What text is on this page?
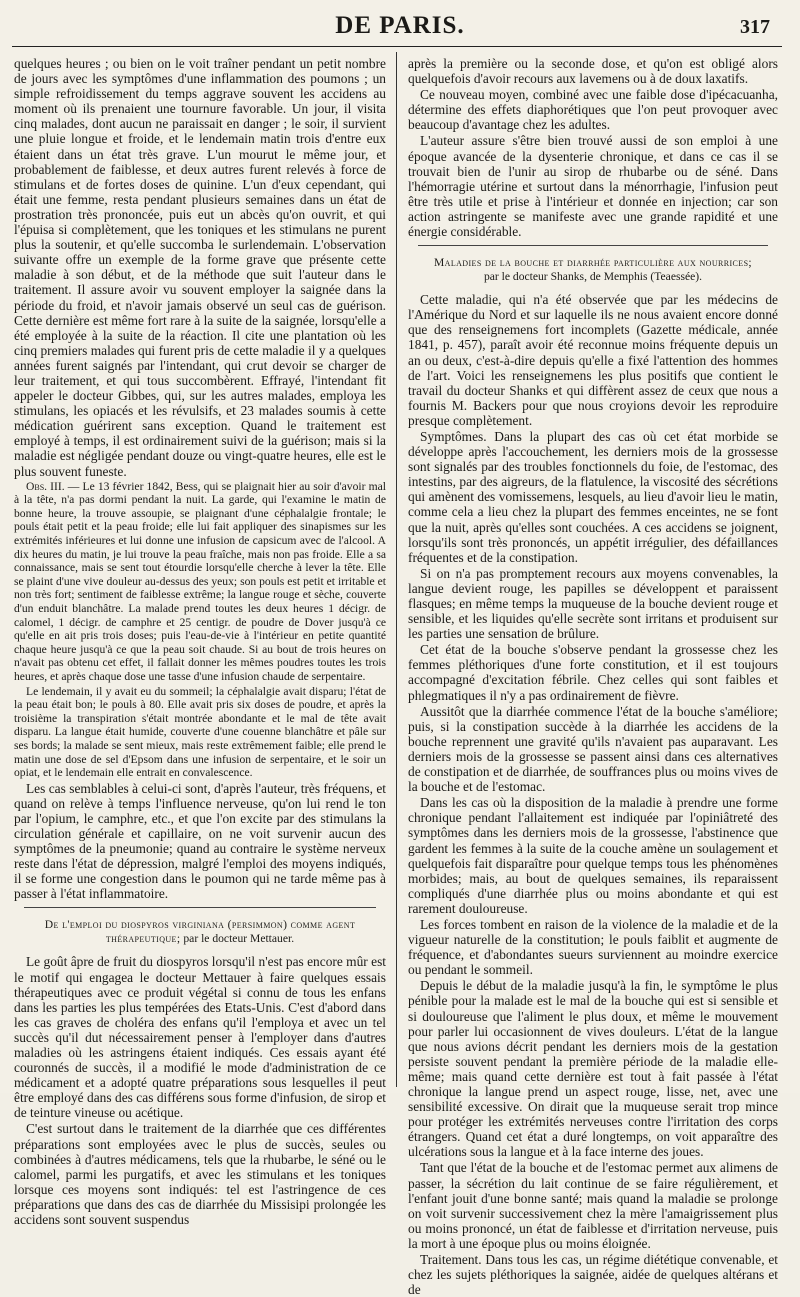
DE PARIS.	317

quelques heures ; ou bien on le voit traîner pendant un petit nombre de jours avec les symptômes d'une inflammation des poumons ; un simple refroidissement du temps aggrave souvent les accidens au moment où ils prenaient une tournure favorable. Un jour, il visita cinq malades, dont aucun ne paraissait en danger ; le soir, il survient une pluie longue et froide, et le lendemain matin trois d'entre eux étaient dans un état très grave. L'un mourut le même jour, et probablement de faiblesse, et deux autres furent relevés à force de stimulans et de fortes doses de quinine. L'un d'eux cependant, qui était une femme, resta pendant plusieurs semaines dans un état de prostration très prononcée, puis eut un abcès qu'on ouvrit, et qui l'épuisa si complètement, que les toniques et les stimulans ne purent plus la soutenir, et qu'elle succomba le surlendemain. L'observation suivante offre un exemple de la forme grave que présente cette maladie à son début, et de la méthode que suit l'auteur dans le traitement. Il assure avoir vu souvent employer la saignée dans la période du froid, et n'avoir jamais observé un seul cas de guérison. Cette dernière est même fort rare à la suite de la saignée, lorsqu'elle a été employée à la suite de la réaction. Il cite une plantation où les cinq premiers malades qui furent pris de cette maladie il y a quelques années furent saignés par l'intendant, qui crut devoir se charger de leur traitement, et qui tous succombèrent. Effrayé, l'intendant fit appeler le docteur Gibbes, qui, sur les autres malades, employa les stimulans, les opiacés et les révulsifs, et 23 malades soumis à cette médication guérirent sans exception. Quand le traitement est employé à temps, il est ordinairement suivi de la guérison; mais si la maladie est négligée pendant douze ou vingt-quatre heures, elle est le plus souvent funeste.

Obs. III. — Le 13 février 1842, Bess, qui se plaignait hier au soir d'avoir mal à la tête, n'a pas dormi pendant la nuit. La garde, qui l'examine le matin de bonne heure, la trouve assoupie, se plaignant d'une céphalalgie frontale; le pouls était petit et la peau froide; elle lui fait appliquer des sinapismes sur les extrémités inférieures et lui donne une infusion de capsicum avec de l'alcool. A dix heures du matin, je lui trouve la peau fraîche, mais non pas froide. Elle a sa connaissance, mais se sent tout étourdie lorsqu'elle cherche à lever la tête. Elle se plaint d'une vive douleur au-dessus des yeux; son pouls est petit et irritable et non très fort; sentiment de faiblesse extrême; la langue rouge et sèche, couverte d'un enduit blanchâtre. La malade prend toutes les deux heures 1 décigr. de calomel, 1 décigr. de camphre et 25 centigr. de poudre de Dover jusqu'à ce qu'elle en ait pris trois doses; puis l'eau-de-vie à l'intérieur en petite quantité chaque heure jusqu'à ce que la peau soit chaude. Si au bout de trois heures on n'avait pas obtenu cet effet, il fallait donner les mêmes poudres toutes les trois heures, et après chaque dose une tasse d'une infusion chaude de serpentaire.

Le lendemain, il y avait eu du sommeil; la céphalalgie avait disparu; l'état de la peau était bon; le pouls à 80. Elle avait pris six doses de poudre, et après la troisième la transpiration s'était montrée abondante et le mal de tête avait disparu. La langue était humide, couverte d'une couenne blanchâtre et pâle sur ses bords; la malade se sent mieux, mais reste extrêmement faible; elle prend le matin une dose de sel d'Epsom dans une infusion de serpentaire, et le soir un opiat, et le lendemain elle entrait en convalescence.

Les cas semblables à celui-ci sont, d'après l'auteur, très fréquens, et quand on relève à temps l'influence nerveuse, qu'on lui rend le ton par l'opium, le camphre, etc., et que l'on excite par des stimulans la circulation générale et capillaire, on ne voit survenir aucun des symptômes de la pneumonie; quand au contraire le système nerveux reste dans l'état de dépression, malgré l'emploi des moyens indiqués, il se forme une congestion dans le poumon qui ne tarde même pas à passer à l'état inflammatoire.

De l'emploi du diospyros virginiana (persimmon) comme agent
thérapeutique; par le docteur Mettauer.

Le goût âpre de fruit du diospyros lorsqu'il n'est pas encore mûr est le motif qui engagea le docteur Mettauer à faire quelques essais thérapeutiques avec ce produit végétal si connu de tous les enfans dans les parties les plus tempérées des Etats-Unis. C'est d'abord dans les cas graves de choléra des enfans qu'il l'employa et avec un tel succès qu'il dut nécessairement penser à l'employer dans d'autres maladies où les astringens étaient indiqués. Ces essais ayant été couronnés de succès, il a modifié le mode d'administration de ce médicament et a adopté quatre préparations sous lesquelles il peut être employé dans des cas différens sous forme d'infusion, de sirop et de teinture vineuse ou acétique.

C'est surtout dans le traitement de la diarrhée que ces différentes préparations sont employées avec le plus de succès, seules ou combinées à d'autres médicamens, tels que la rhubarbe, le séné ou le calomel, parmi les purgatifs, et avec les stimulans et les toniques lorsque ces moyens sont indiqués: tel est l'astringence de ces préparations que dans des cas de diarrhée du Missisipi prolongée les accidens sont souvent suspendus

après la première ou la seconde dose, et qu'on est obligé alors quelquefois d'avoir recours aux lavemens ou à de doux laxatifs.

Ce nouveau moyen, combiné avec une faible dose d'ipécacuanha, détermine des effets diaphorétiques que l'on peut provoquer avec beaucoup d'avantage chez les adultes.

L'auteur assure s'être bien trouvé aussi de son emploi à une époque avancée de la dysenterie chronique, et dans ce cas il se trouvait bien de l'unir au sirop de rhubarbe ou de séné. Dans l'hémorragie utérine et surtout dans la ménorrhagie, l'infusion peut être très utile et prise à l'intérieur et donnée en injection; car son action astringente se manifeste avec une grande rapidité et une énergie considérable.

Maladies de la bouche et diarrhée particulière aux nourrices;
par le docteur Shanks, de Memphis (Teaessée).

Cette maladie, qui n'a été observée que par les médecins de l'Amérique du Nord et sur laquelle ils ne nous avaient encore donné que des renseignemens fort incomplets (Gazette médicale, année 1841, p. 457), paraît avoir été reconnue moins fréquente depuis un an ou deux, c'est-à-dire depuis qu'elle a fixé l'attention des hommes de l'art. Voici les renseignemens les plus positifs que contient le travail du docteur Shanks et qui diffèrent assez de ceux que nous a fournis M. Backers pour que nous croyions devoir les reproduire presque complètement.

Symptômes. Dans la plupart des cas où cet état morbide se développe après l'accouchement, les derniers mois de la grossesse sont signalés par des troubles fonctionnels du foie, de l'estomac, des intestins, par des aigreurs, de la flatulence, la viscosité des sécrétions qui amènent des vomissemens, lesquels, au lieu d'avoir lieu le matin, comme cela a lieu chez la plupart des femmes enceintes, ne se font que la nuit, après qu'elles sont couchées. A ces accidens se joignent, lorsqu'ils sont très prononcés, un appétit irrégulier, des défaillances fréquentes et de la constipation.

Si on n'a pas promptement recours aux moyens convenables, la langue devient rouge, les papilles se développent et paraissent flasques; en même temps la muqueuse de la bouche devient rouge et sensible, et les liquides qu'elle secrète sont irritans et produisent sur les parties une sensation de brûlure.

Cet état de la bouche s'observe pendant la grossesse chez les femmes pléthoriques d'une forte constitution, et il est toujours accompagné d'excitation fébrile. Chez celles qui sont faibles et phlegmatiques il n'y a pas ordinairement de fièvre.

Aussitôt que la diarrhée commence l'état de la bouche s'améliore; puis, si la constipation succède à la diarrhée les accidens de la bouche reprennent une gravité qu'ils n'avaient pas auparavant. Les derniers mois de la grossesse se passent ainsi dans ces alternatives de constipation et de diarrhée, de souffrances plus ou moins vives de la bouche et de l'estomac.

Dans les cas où la disposition de la maladie à prendre une forme chronique pendant l'allaitement est indiquée par l'opiniâtreté des symptômes dans les derniers mois de la grossesse, l'abstinence que gardent les femmes à la suite de la couche amène un soulagement et quelquefois fait disparaître pour quelque temps tous les phénomènes morbides; mais, au bout de quelques semaines, ils reparaissent compliqués d'une diarrhée plus ou moins abondante et qui est rarement douloureuse.

Les forces tombent en raison de la violence de la maladie et de la vigueur naturelle de la constitution; le pouls faiblit et augmente de fréquence, et d'abondantes sueurs surviennent au moindre exercice ou pendant le sommeil.

Depuis le début de la maladie jusqu'à la fin, le symptôme le plus pénible pour la malade est le mal de la bouche qui est si sensible et si douloureuse que l'aliment le plus doux, et même le mouvement pour parler lui occasionnent de vives douleurs. L'état de la langue que nous avions décrit pendant les derniers mois de la gestation persiste souvent pendant la première période de la maladie elle-même; mais quand cette dernière est tout à fait passée à l'état chronique la langue prend un aspect rouge, lisse, net, avec une sensibilité excessive. On dirait que la muqueuse serait trop mince pour protéger les extrémités nerveuses contre l'irritation des corps étrangers. Quand cet état a duré longtemps, on voit apparaître des ulcérations sous la langue et à la face interne des joues.

Tant que l'état de la bouche et de l'estomac permet aux alimens de passer, la sécrétion du lait continue de se faire régulièrement, et l'enfant jouit d'une bonne santé; mais quand la maladie se prolonge on voit survenir successivement chez la mère l'amaigrissement plus ou moins prononcé, un état de faiblesse et d'irritation nerveuse, puis la mort à une époque plus ou moins éloignée.

Traitement. Dans tous les cas, un régime diététique convenable, et chez les sujets pléthoriques la saignée, aidée de quelques altérans et de
